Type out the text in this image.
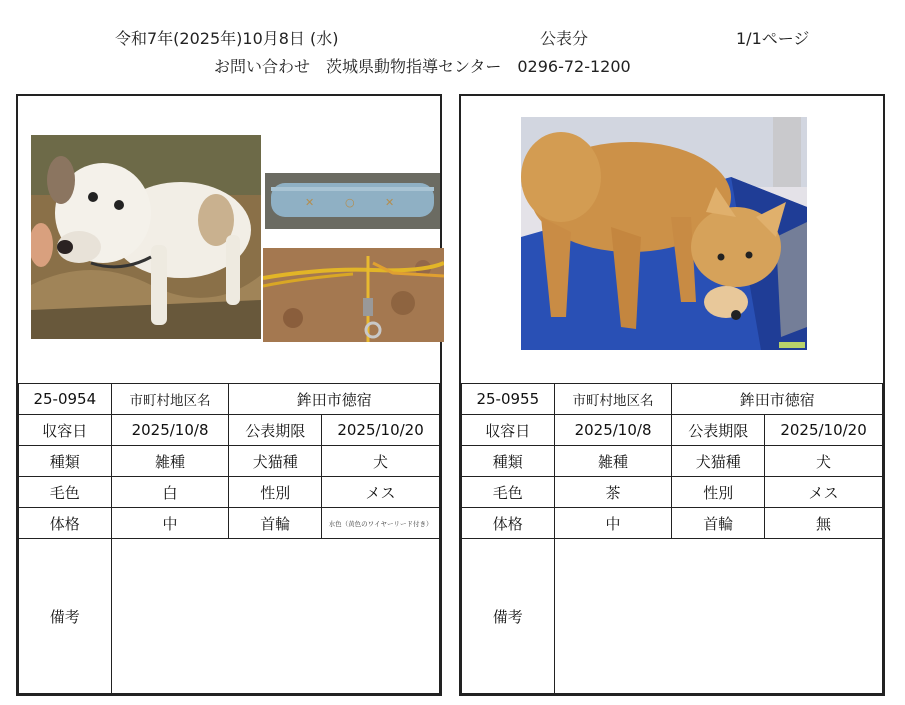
令和7年(2025年)10月8日 (水)	公表分	1/1ページ
お問い合わせ　茨城県動物指導センター　0296-72-1200
✕	○	✕
25-0954	市町村地区名	鉾田市徳宿	
収容日	2025/10/8	公表期限	2025/10/20
種類	雑種	犬猫種	犬
毛色	白	性別	メス
体格	中	首輪	水色（黄色のワイヤーリード付き）
備考			
25-0955	市町村地区名	鉾田市徳宿	
収容日	2025/10/8	公表期限	2025/10/20
種類	雑種	犬猫種	犬
毛色	茶	性別	メス
体格	中	首輪	無
備考			
